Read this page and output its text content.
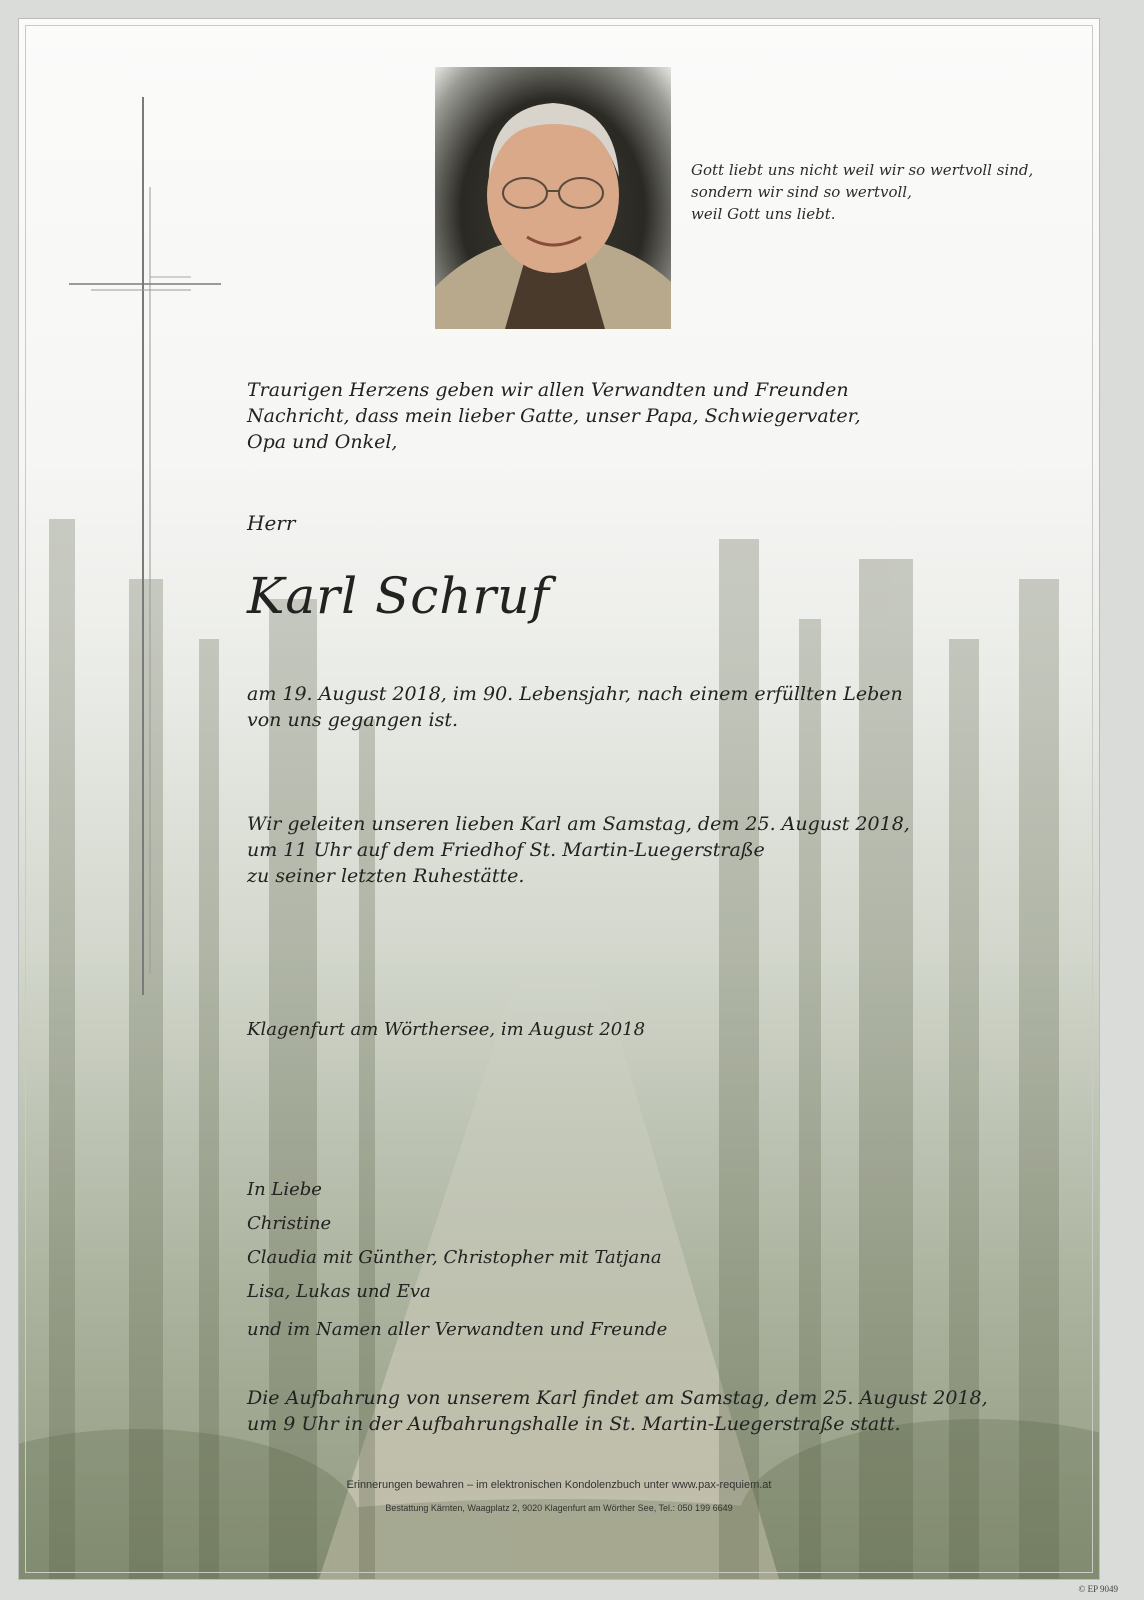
Gott liebt uns nicht weil wir so wertvoll sind,
sondern wir sind so wertvoll,
weil Gott uns liebt.
Traurigen Herzens geben wir allen Verwandten und Freunden
Nachricht, dass mein lieber Gatte, unser Papa, Schwiegervater,
Opa und Onkel,
Herr
Karl Schruf
am 19. August 2018, im 90. Lebensjahr, nach einem erfüllten Leben
von uns gegangen ist.
Wir geleiten unseren lieben Karl am Samstag, dem 25. August 2018,
um 11 Uhr auf dem Friedhof St. Martin-Luegerstraße
zu seiner letzten Ruhestätte.
Klagenfurt am Wörthersee, im August 2018
In Liebe
Christine
Claudia mit Günther, Christopher mit Tatjana
Lisa, Lukas und Eva
und im Namen aller Verwandten und Freunde
Die Aufbahrung von unserem Karl findet am Samstag, dem 25. August 2018,
um 9 Uhr in der Aufbahrungshalle in St. Martin-Luegerstraße statt.
Erinnerungen bewahren – im elektronischen Kondolenzbuch unter www.pax-requiem.at
Bestattung Kärnten, Waagplatz 2, 9020 Klagenfurt am Wörther See, Tel.: 050 199 6649
© EP 9049
